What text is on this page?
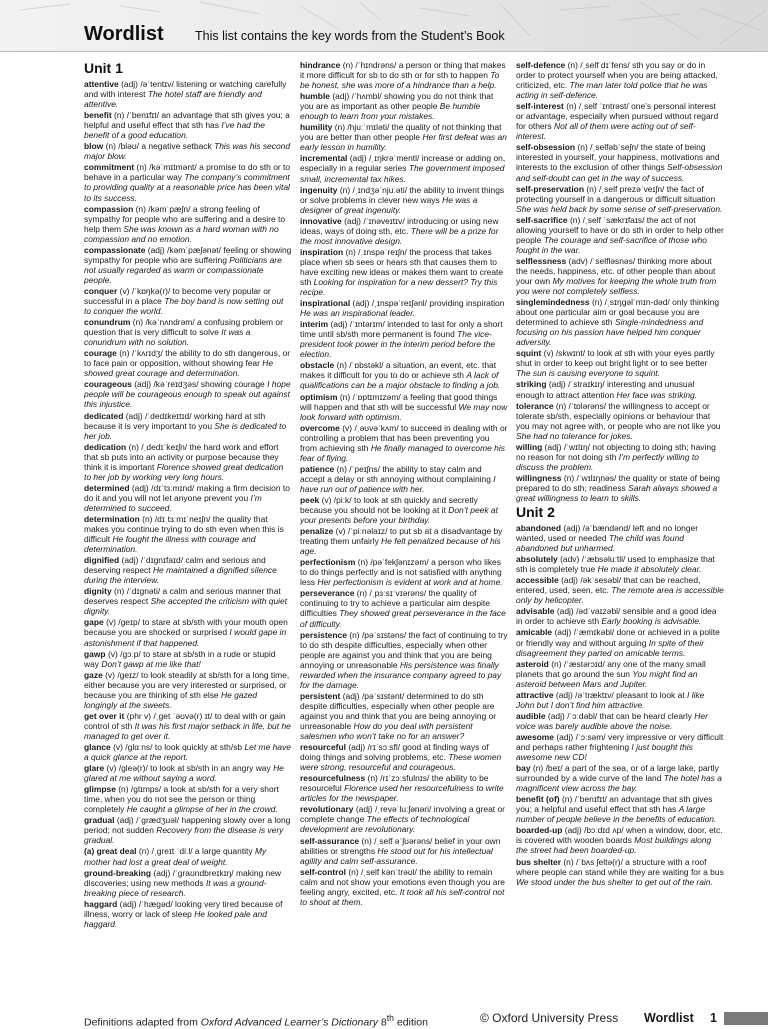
Wordlist	This list contains the key words from the Student’s Book
Unit 1
attentive (adj) /əˈtentɪv/ listening or watching carefully and with interest The hotel staff are friendly and attentive.
benefit (n) /ˈbenɪfɪt/ an advantage that sth gives you; a helpful and useful effect that sth has I’ve had the benefit of a good education.
blow (n) /bləʊ/ a negative setback This was his second major blow.
commitment (n) /kəˈmɪtmənt/ a promise to do sth or to behave in a particular way The company’s commitment to providing quality at a reasonable price has been vital to its success.
compassion (n) /kəmˈpæʃn/ a strong feeling of sympathy for people who are suffering and a desire to help them She was known as a hard woman with no compassion and no emotion.
compassionate (adj) /kəmˈpæʃənət/ feeling or showing sympathy for people who are suffering Politicians are not usually regarded as warm or compassionate people.
conquer (v) /ˈkɒŋkə(r)/ to become very popular or successful in a place The boy band is now setting out to conquer the world.
conundrum (n) /kəˈnʌndrəm/ a confusing problem or question that is very difficult to solve It was a conundrum with no solution.
courage (n) /ˈkʌrɪdʒ/ the ability to do sth dangerous, or to face pain or opposition, without showing fear He showed great courage and determination.
courageous (adj) /kəˈreɪdʒəs/ showing courage I hope people will be courageous enough to speak out against this injustice.
dedicated (adj) /ˈdedɪkeɪtɪd/ working hard at sth because it is very important to you She is dedicated to her job.
dedication (n) /ˌdedɪˈkeɪʃn/ the hard work and effort that sb puts into an activity or purpose because they think it is important Florence showed great dedication to her job by working very long hours.
determined (adj) /dɪˈtɜːmɪnd/ making a firm decision to do it and you will not let anyone prevent you I’m determined to succeed.
determination (n) /dɪˌtɜːmɪˈneɪʃn/ the quality that makes you continue trying to do sth even when this is difficult He fought the illness with courage and determination.
dignified (adj) /ˈdɪgnɪfaɪd/ calm and serious and deserving respect He maintained a dignified silence during the interview.
dignity (n) /ˈdɪgnəti/ a calm and serious manner that deserves respect She accepted the criticism with quiet dignity.
gape (v) /geɪp/ to stare at sb/sth with your mouth open because you are shocked or surprised I would gape in astonishment if that happened.
gawp (v) /gɔːp/ to stare at sb/sth in a rude or stupid way Don’t gawp at me like that!
gaze (v) /geɪz/ to look steadily at sb/sth for a long time, either because you are very interested or surprised, or because you are thinking of sth else He gazed longingly at the sweets.
get over it (phr v) /ˌget ˈəʊvə(r) ɪt/ to deal with or gain control of sth It was his first major setback in life, but he managed to get over it.
glance (v) /glɑːns/ to look quickly at sth/sb Let me have a quick glance at the report.
glare (v) /gleə(r)/ to look at sb/sth in an angry way He glared at me without saying a word.
glimpse (n) /glɪmps/ a look at sb/sth for a very short time, when you do not see the person or thing completely He caught a glimpse of her in the crowd.
gradual (adj) /ˈgrædʒuəl/ happening slowly over a long period; not sudden Recovery from the disease is very gradual.
(a) great deal (n) /ˌgreɪt ˈdiːl/ a large quantity My mother had lost a great deal of weight.
ground-breaking (adj) /ˈgraʊndbreɪkɪŋ/ making new discoveries; using new methods It was a ground-breaking piece of research.
haggard (adj) /ˈhægəd/ looking very tired because of illness, worry or lack of sleep He looked pale and haggard.
hindrance (n) /ˈhɪndrəns/ a person or thing that makes it more difficult for sb to do sth or for sth to happen To be honest, she was more of a hindrance than a help.
humble (adj) /ˈhʌmbl/ showing you do not think that you are as important as other people Be humble enough to learn from your mistakes.
humility (n) /hjuːˈmɪləti/ the quality of not thinking that you are better than other people Her first defeat was an early lesson in humility.
incremental (adj) /ˌɪŋkrəˈmentl/ increase or adding on, especially in a regular series The government imposed small, incremental tax hikes.
ingenuity (n) /ˌɪndʒəˈnjuːəti/ the ability to invent things or solve problems in clever new ways He was a designer of great ingenuity.
innovative (adj) /ˈɪnəveɪtɪv/ introducing or using new ideas, ways of doing sth, etc. There will be a prize for the most innovative design.
inspiration (n) /ˌɪnspəˈreɪʃn/ the process that takes place when sb sees or hears sth that causes them to have exciting new ideas or makes them want to create sth Looking for inspiration for a new dessert? Try this recipe.
inspirational (adj) /ˌɪnspəˈreɪʃənl/ providing inspiration He was an inspirational leader.
interim (adj) /ˈɪntərɪm/ intended to last for only a short time until sb/sth more permanent is found The vice-president took power in the interim period before the election.
obstacle (n) /ˈɒbstəkl/ a situation, an event, etc. that makes it difficult for you to do or achieve sth A lack of qualifications can be a major obstacle to finding a job.
optimism (n) /ˈɒptɪmɪzəm/ a feeling that good things will happen and that sth will be successful We may now look forward with optimism.
overcome (v) /ˌəʊvəˈkʌm/ to succeed in dealing with or controlling a problem that has been preventing you from achieving sth He finally managed to overcome his fear of flying.
patience (n) /ˈpeɪʃns/ the ability to stay calm and accept a delay or sth annoying without complaining I have run out of patience with her.
peek (v) /piːk/ to look at sth quickly and secretly because you should not be looking at it Don’t peek at your presents before your birthday.
penalize (v) /ˈpiːnəlaɪz/ to put sb at a disadvantage by treating them unfairly He felt penalized because of his age.
perfectionism (n) /pəˈfekʃənɪzəm/ a person who likes to do things perfectly and is not satisfied with anything less Her perfectionism is evident at work and at home.
perseverance (n) /ˌpɜːsɪˈvɪərəns/ the quality of continuing to try to achieve a particular aim despite difficulties They showed great perseverance in the face of difficulty.
persistence (n) /pəˈsɪstəns/ the fact of continuing to try to do sth despite difficulties, especially when other people are against you and think that you are being annoying or unreasonable His persistence was finally rewarded when the insurance company agreed to pay for the damage.
persistent (adj) /pəˈsɪstənt/ determined to do sth despite difficulties, especially when other people are against you and think that you are being annoying or unreasonable How do you deal with persistent salesmen who won’t take no for an answer?
resourceful (adj) /rɪˈsɔːsfl/ good at finding ways of doing things and solving problems, etc. These women were strong, resourceful and courageous.
resourcefulness (n) /rɪˈzɔːsfulnɪs/ the ability to be resourceful Florence used her resourcefulness to write articles for the newspaper.
revolutionary (adj) /ˌrevəˈluːʃənəri/ involving a great or complete change The effects of technological development are revolutionary.
self-assurance (n) /ˌself əˈʃʊərəns/ belief in your own abilities or strengths He stood out for his intellectual agility and calm self-assurance.
self-control (n) /ˌself kənˈtrəʊl/ the ability to remain calm and not show your emotions even though you are feeling angry, excited, etc. It took all his self-control not to shout at them.
self-defence (n) /ˌself dɪˈfens/ sth you say or do in order to protect yourself when you are being attacked, criticized, etc. The man later told police that he was acting in self-defence.
self-interest (n) /ˌself ˈɪntrəst/ one’s personal interest or advantage, especially when pursued without regard for others Not all of them were acting out of self-interest.
self-obsession (n) /ˌselfəbˈseʃn/ the state of being interested in yourself, your happiness, motivations and interests to the exclusion of other things Self-obsession and self-doubt can get in the way of success.
self-preservation (n) /ˌself prezəˈveɪʃn/ the fact of protecting yourself in a dangerous or difficult situation She was held back by some sense of self-preservation.
self-sacrifice (n) /ˌself ˈsækrɪfaɪs/ the act of not allowing yourself to have or do sth in order to help other people The courage and self-sacrifice of those who fought in the war.
selflessness (adv) /ˈselfləsnəs/ thinking more about the needs, happiness, etc. of other people than about your own My motives for keeping the whole truth from you were not completely selfless.
singlemindedness (n) /ˌsɪŋgəlˈmɪn-dəd/ only thinking about one particular aim or goal because you are determined to achieve sth Single-mindedness and focusing on his passion have helped him conquer adversity.
squint (v) /skwɪnt/ to look at sth with your eyes partly shut in order to keep out bright light or to see better The sun is causing everyone to squint.
striking (adj) /ˈstraɪkɪŋ/ interesting and unusual enough to attract attention Her face was striking.
tolerance (n) /ˈtɒlərəns/ the willingness to accept or tolerate sb/sth, especially opinions or behaviour that you may not agree with, or people who are not like you She had no tolerance for jokes.
willing (adj) /ˈwɪlɪŋ/ not objecting to doing sth; having no reason for not doing sth I’m perfectly willing to discuss the problem.
willingness (n) /ˈwɪlɪŋnəs/ the quality or state of being prepared to do sth; readiness Sarah always showed a great willingness to learn to skills.
Unit 2
abandoned (adj) /əˈbændənd/ left and no longer wanted, used or needed The child was found abandoned but unharmed.
absolutely (adv) /ˈæbsəluːtli/ used to emphasize that sth is completely true He made it absolutely clear.
accessible (adj) /əkˈsesəbl/ that can be reached, entered, used, seen, etc. The remote area is accessible only by helicopter.
advisable (adj) /ədˈvaɪzəbl/ sensible and a good idea in order to achieve sth Early booking is advisable.
amicable (adj) /ˈæmɪkəbl/ done or achieved in a polite or friendly way and without arguing In spite of their disagreement they parted on amicable terms.
asteroid (n) /ˈæstərɔɪd/ any one of the many small planets that go around the sun You might find an asteroid between Mars and Jupiter.
attractive (adj) /əˈtræktɪv/ pleasant to look at I like John but I don’t find him attractive.
audible (adj) /ˈɔːdəbl/ that can be heard clearly Her voice was barely audible above the noise.
awesome (adj) /ˈɔːsəm/ very impressive or very difficult and perhaps rather frightening I just bought this awesome new CD!
bay (n) /beɪ/ a part of the sea, or of a large lake, partly surrounded by a wide curve of the land The hotel has a magnificent view across the bay.
benefit (of) (n) /ˈbenɪfɪt/ an advantage that sth gives you; a helpful and useful effect that sth has A large number of people believe in the benefits of education.
boarded-up (adj) /bɔːdɪd ʌp/ when a window, door, etc. is covered with wooden boards Most buildings along the street had been boarded-up.
bus shelter (n) /ˈbʌs ʃeltə(r)/ a structure with a roof where people can stand while they are waiting for a bus We stood under the bus shelter to get out of the rain.
Definitions adapted from Oxford Advanced Learner’s Dictionary 8th edition	© Oxford University Press Wordlist 1
